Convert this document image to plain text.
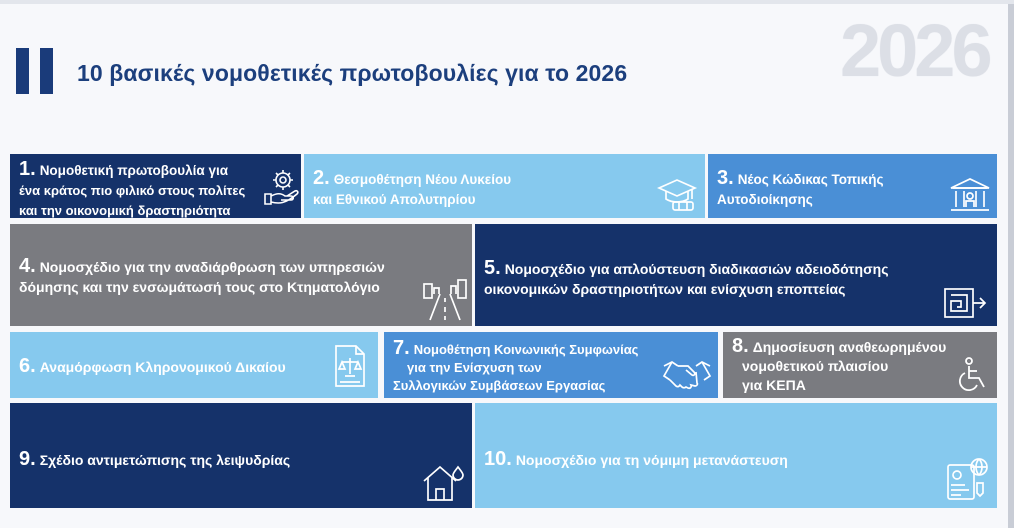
10 βασικές νομοθετικές πρωτοβουλίες για το 2026	2026
1. Νομοθετική πρωτοβουλία για
ένα κράτος πιο φιλικό στους πολίτες
και την οικονομική δραστηριότητα
2. Θεσμοθέτηση Νέου Λυκείου
και Εθνικού Απολυτηρίου
3. Νέος Κώδικας Τοπικής
Αυτοδιοίκησης
4. Νομοσχέδιο για την αναδιάρθρωση των υπηρεσιών
δόμησης και την ενσωμάτωσή τους στο Κτηματολόγιο
5. Νομοσχέδιο για απλούστευση διαδικασιών αδειοδότησης
οικονομικών δραστηριοτήτων και ενίσχυση εποπτείας
6. Αναμόρφωση Κληρονομικού Δικαίου
7. Νομοθέτηση Κοινωνικής Συμφωνίας
για την Ενίσχυση των
Συλλογικών Συμβάσεων Εργασίας
8. Δημοσίευση αναθεωρημένου
νομοθετικού πλαισίου
για ΚΕΠΑ
9. Σχέδιο αντιμετώπισης της λειψυδρίας	10. Νομοσχέδιο για τη νόμιμη μετανάστευση
